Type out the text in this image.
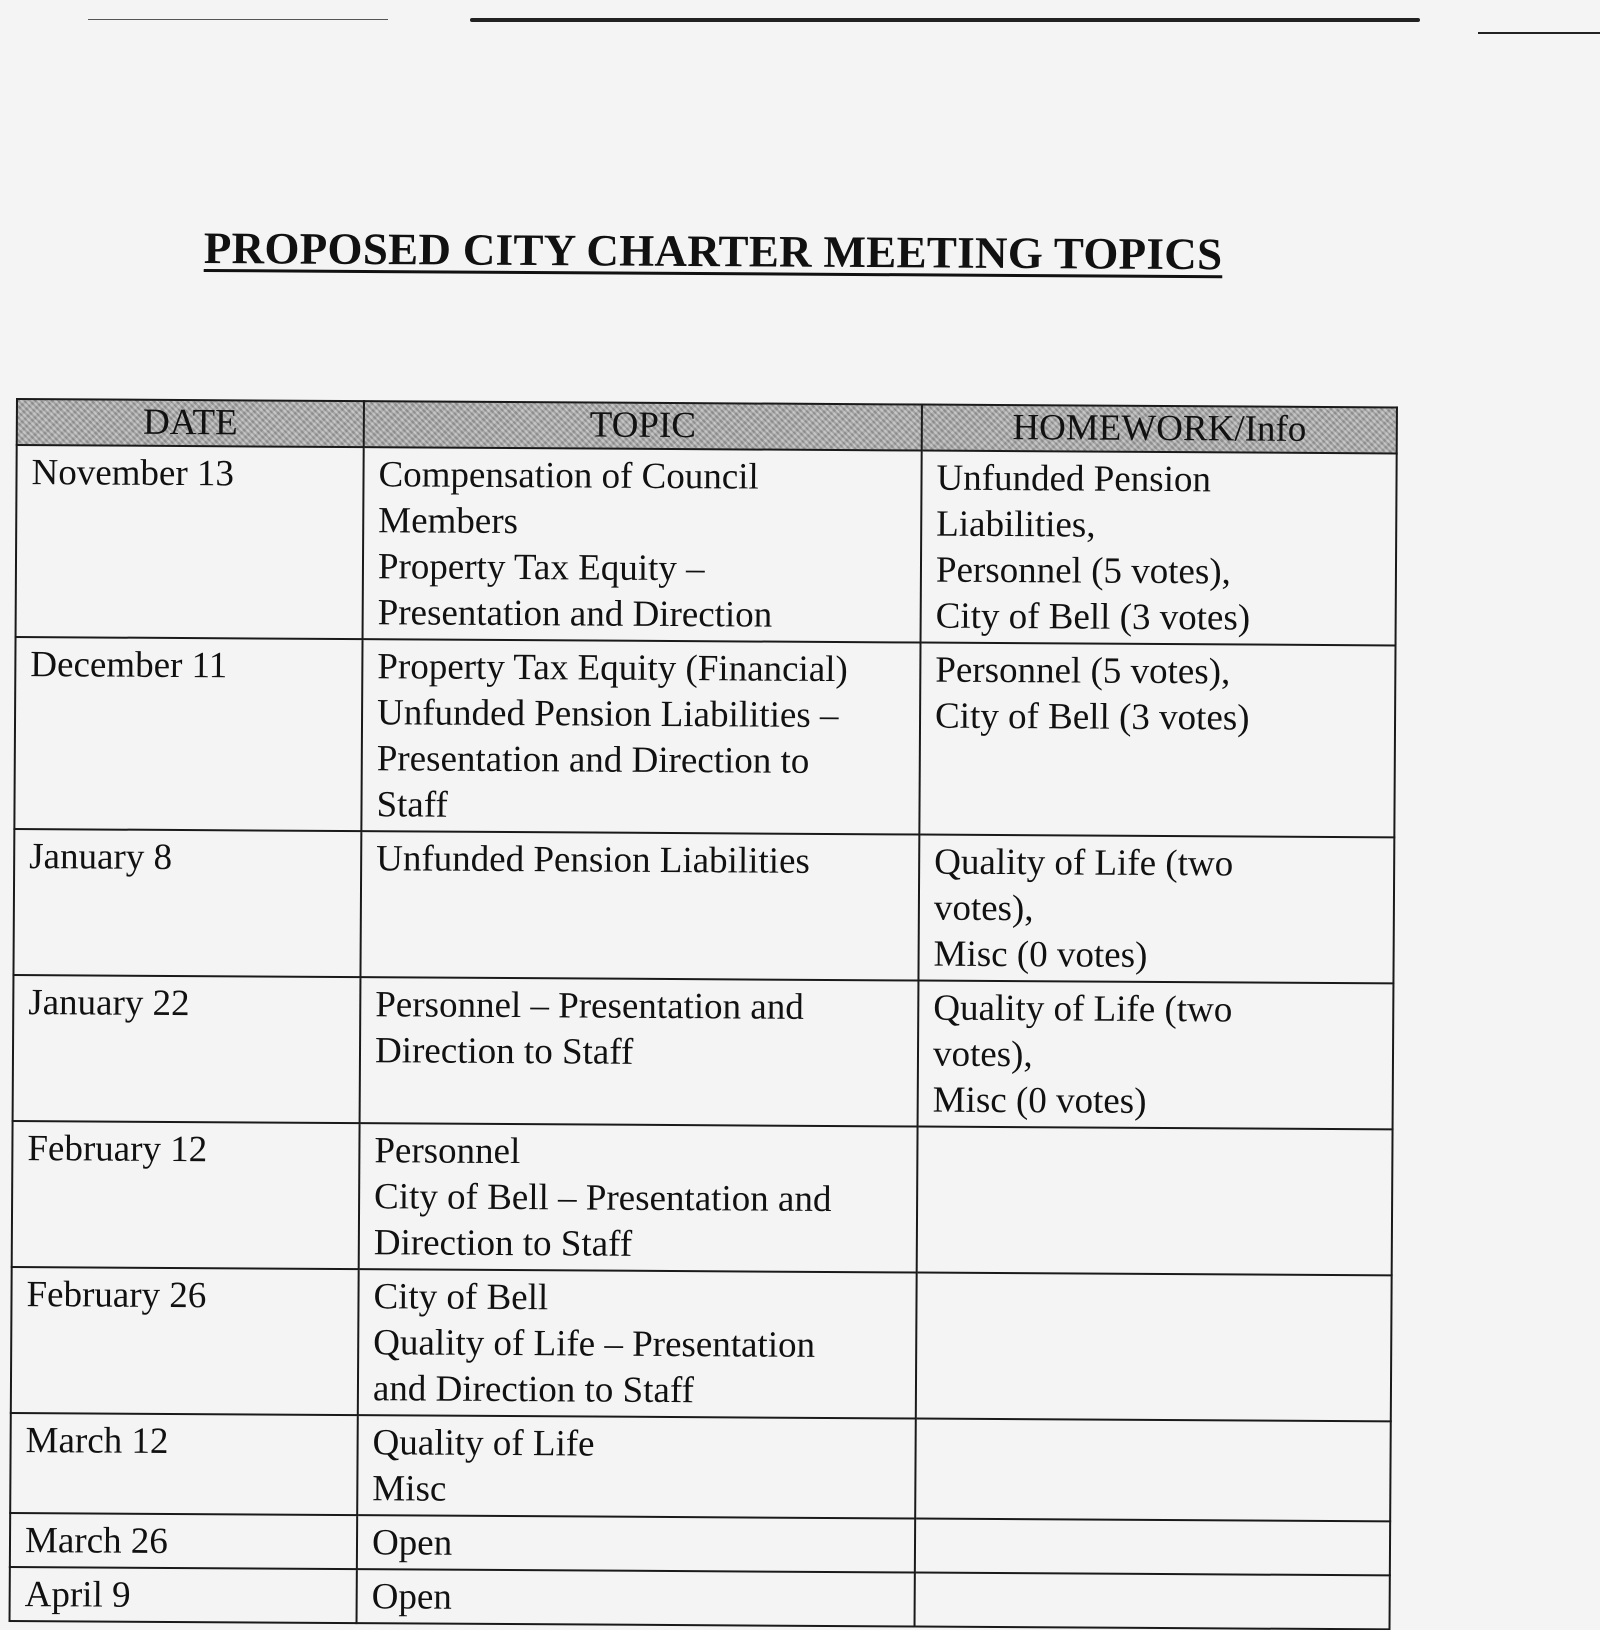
PROPOSED CITY CHARTER MEETING TOPICS
DATE	TOPIC	HOMEWORK/Info

November 13	Compensation of Council
Members
Property Tax Equity –
Presentation and Direction	Unfunded Pension
Liabilities,
Personnel (5 votes),
City of Bell (3 votes)

December 11	Property Tax Equity (Financial)
Unfunded Pension Liabilities –
Presentation and Direction to
Staff	Personnel (5 votes),
City of Bell (3 votes)

January 8	Unfunded Pension Liabilities	Quality of Life (two
votes),
Misc (0 votes)

January 22	Personnel – Presentation and
Direction to Staff	Quality of Life (two
votes),
Misc (0 votes)

February 12	Personnel
City of Bell – Presentation and
Direction to Staff	

February 26	City of Bell
Quality of Life – Presentation
and Direction to Staff	

March 12	Quality of Life
Misc	

March 26	Open	

April 9	Open	
